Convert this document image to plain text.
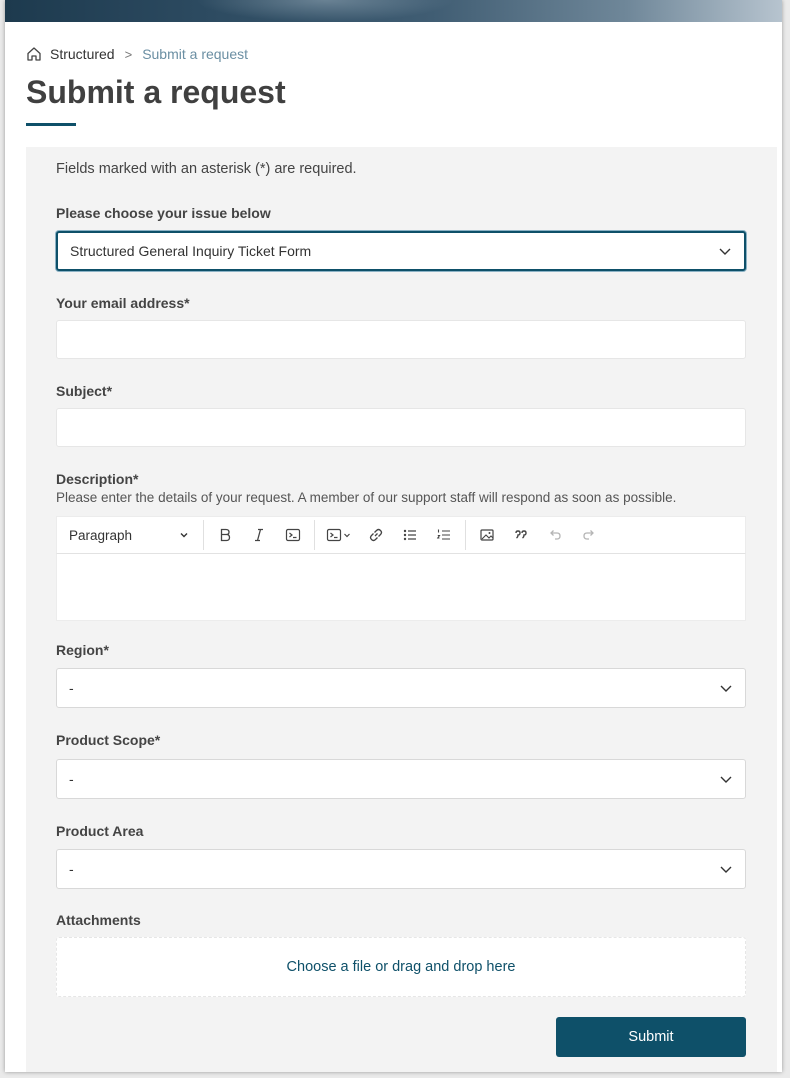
Structured > Submit a request
Submit a request
Fields marked with an asterisk (*) are required.
Please choose your issue below
Structured General Inquiry Ticket Form
Your email address*
Subject*
Description*
Please enter the details of your request. A member of our support staff will respond as soon as possible.
Paragraph
Region*
-
Product Scope*
-
Product Area
-
Attachments
Choose a file or drag and drop here
Submit
